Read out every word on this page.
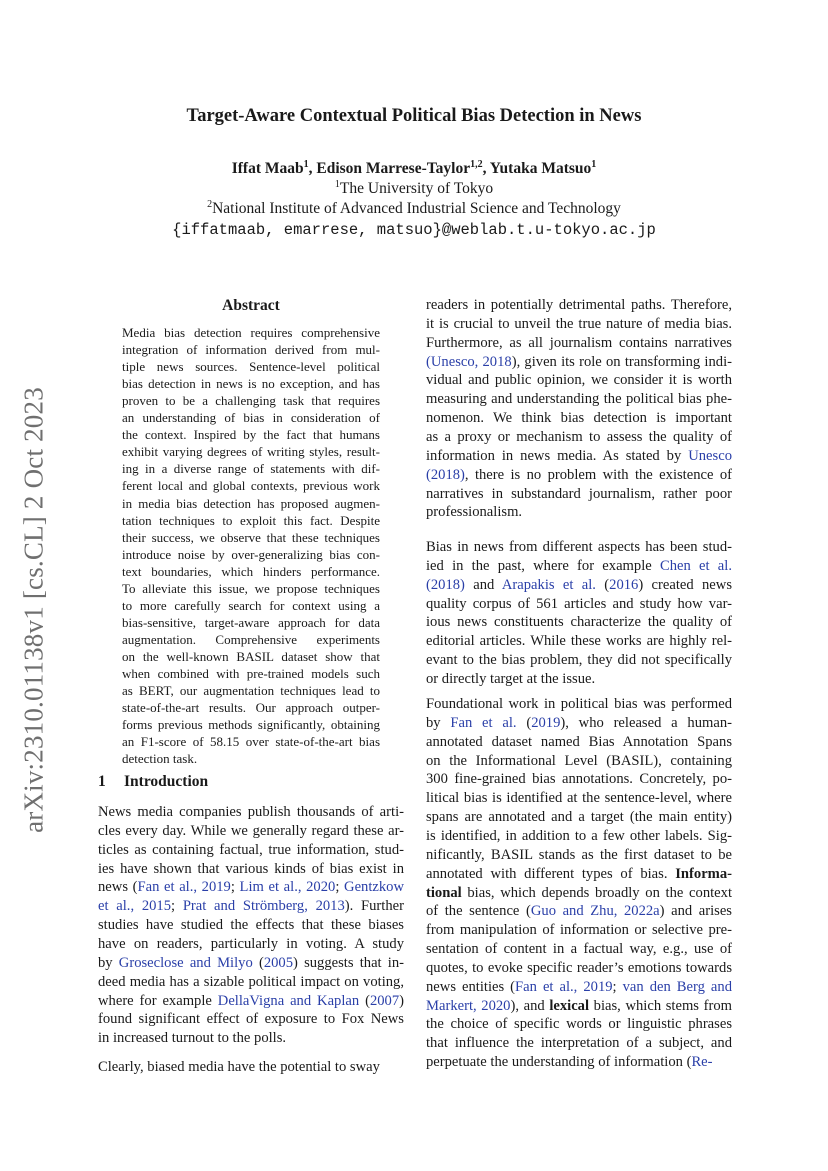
arXiv:2310.01138v1 [cs.CL] 2 Oct 2023
Target-Aware Contextual Political Bias Detection in News
Iffat Maab$^1$, Edison Marrese-Taylor$^{1,2}$, Yutaka Matsuo$^1$
$^1$The University of Tokyo
$^2$National Institute of Advanced Industrial Science and Technology
{iffatmaab, emarrese, matsuo}@weblab.t.u-tokyo.ac.jp
Abstract
Media bias detection requires comprehensive
integration of information derived from mul-
tiple news sources. Sentence-level political
bias detection in news is no exception, and has
proven to be a challenging task that requires
an understanding of bias in consideration of
the context. Inspired by the fact that humans
exhibit varying degrees of writing styles, result-
ing in a diverse range of statements with dif-
ferent local and global contexts, previous work
in media bias detection has proposed augmen-
tation techniques to exploit this fact. Despite
their success, we observe that these techniques
introduce noise by over-generalizing bias con-
text boundaries, which hinders performance.
To alleviate this issue, we propose techniques
to more carefully search for context using a
bias-sensitive, target-aware approach for data
augmentation. Comprehensive experiments
on the well-known BASIL dataset show that
when combined with pre-trained models such
as BERT, our augmentation techniques lead to
state-of-the-art results. Our approach outper-
forms previous methods significantly, obtaining
an F1-score of 58.15 over state-of-the-art bias
detection task.
1 Introduction
News media companies publish thousands of arti-
cles every day. While we generally regard these ar-
ticles as containing factual, true information, stud-
ies have shown that various kinds of bias exist in
news (Fan et al., 2019; Lim et al., 2020; Gentzkow
et al., 2015; Prat and Strömberg, 2013). Further
studies have studied the effects that these biases
have on readers, particularly in voting. A study
by Groseclose and Milyo (2005) suggests that in-
deed media has a sizable political impact on voting,
where for example DellaVigna and Kaplan (2007)
found significant effect of exposure to Fox News
in increased turnout to the polls.
Clearly, biased media have the potential to sway
readers in potentially detrimental paths. Therefore,
it is crucial to unveil the true nature of media bias.
Furthermore, as all journalism contains narratives
(Unesco, 2018), given its role on transforming indi-
vidual and public opinion, we consider it is worth
measuring and understanding the political bias phe-
nomenon. We think bias detection is important
as a proxy or mechanism to assess the quality of
information in news media. As stated by Unesco
(2018), there is no problem with the existence of
narratives in substandard journalism, rather poor
professionalism.
Bias in news from different aspects has been stud-
ied in the past, where for example Chen et al.
(2018) and Arapakis et al. (2016) created news
quality corpus of 561 articles and study how var-
ious news constituents characterize the quality of
editorial articles. While these works are highly rel-
evant to the bias problem, they did not specifically
or directly target at the issue.
Foundational work in political bias was performed
by Fan et al. (2019), who released a human-
annotated dataset named Bias Annotation Spans
on the Informational Level (BASIL), containing
300 fine-grained bias annotations. Concretely, po-
litical bias is identified at the sentence-level, where
spans are annotated and a target (the main entity)
is identified, in addition to a few other labels. Sig-
nificantly, BASIL stands as the first dataset to be
annotated with different types of bias. Informa-
tional bias, which depends broadly on the context
of the sentence (Guo and Zhu, 2022a) and arises
from manipulation of information or selective pre-
sentation of content in a factual way, e.g., use of
quotes, to evoke specific reader’s emotions towards
news entities (Fan et al., 2019; van den Berg and
Markert, 2020), and lexical bias, which stems from
the choice of specific words or linguistic phrases
that influence the interpretation of a subject, and
perpetuate the understanding of information (Re-
